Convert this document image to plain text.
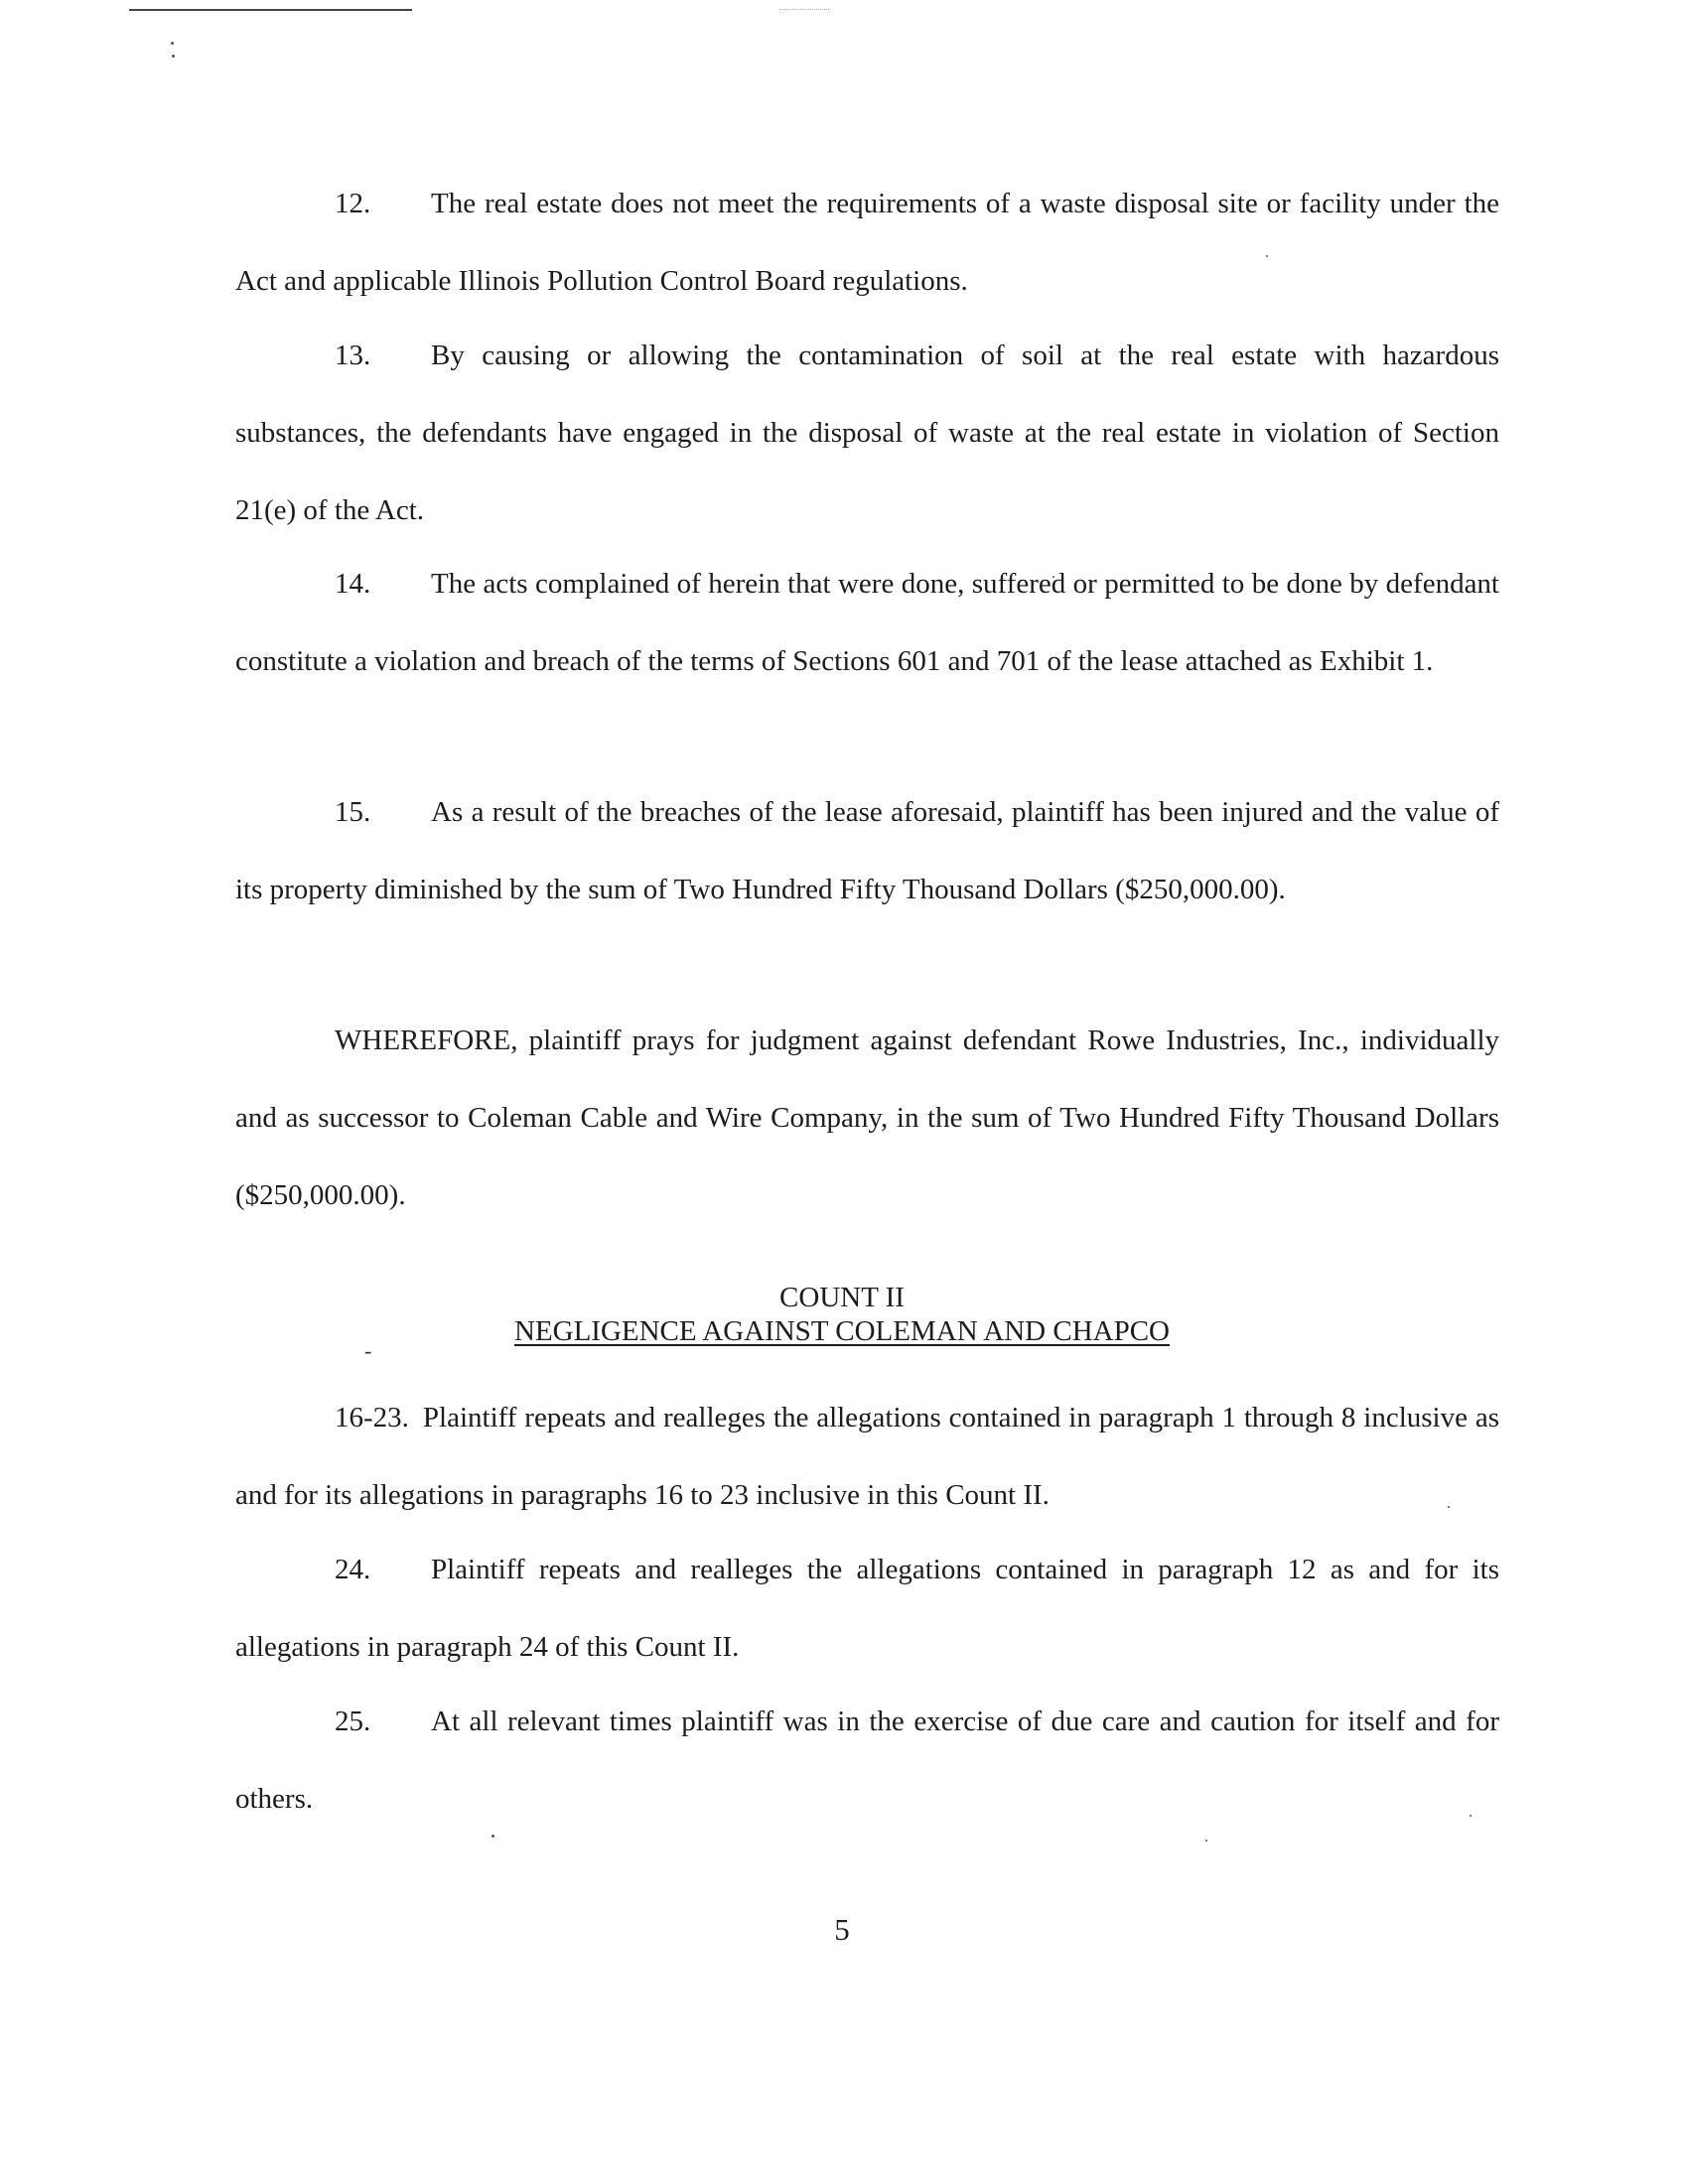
12. The real estate does not meet the requirements of a waste disposal site or facility under the Act and applicable Illinois Pollution Control Board regulations.

13. By causing or allowing the contamination of soil at the real estate with hazardous substances, the defendants have engaged in the disposal of waste at the real estate in violation of Section 21(e) of the Act.

14. The acts complained of herein that were done, suffered or permitted to be done by defendant constitute a violation and breach of the terms of Sections 601 and 701 of the lease attached as Exhibit 1.

15. As a result of the breaches of the lease aforesaid, plaintiff has been injured and the value of its property diminished by the sum of Two Hundred Fifty Thousand Dollars ($250,000.00).

WHEREFORE, plaintiff prays for judgment against defendant Rowe Industries, Inc., individually and as successor to Coleman Cable and Wire Company, in the sum of Two Hundred Fifty Thousand Dollars ($250,000.00).

COUNT II

-

NEGLIGENCE AGAINST COLEMAN AND CHAPCO

16-23. Plaintiff repeats and realleges the allegations contained in paragraph 1 through 8 inclusive as and for its allegations in paragraphs 16 to 23 inclusive in this Count II.

24. Plaintiff repeats and realleges the allegations contained in paragraph 12 as and for its allegations in paragraph 24 of this Count II.

25. At all relevant times plaintiff was in the exercise of due care and caution for itself and for others.

5
